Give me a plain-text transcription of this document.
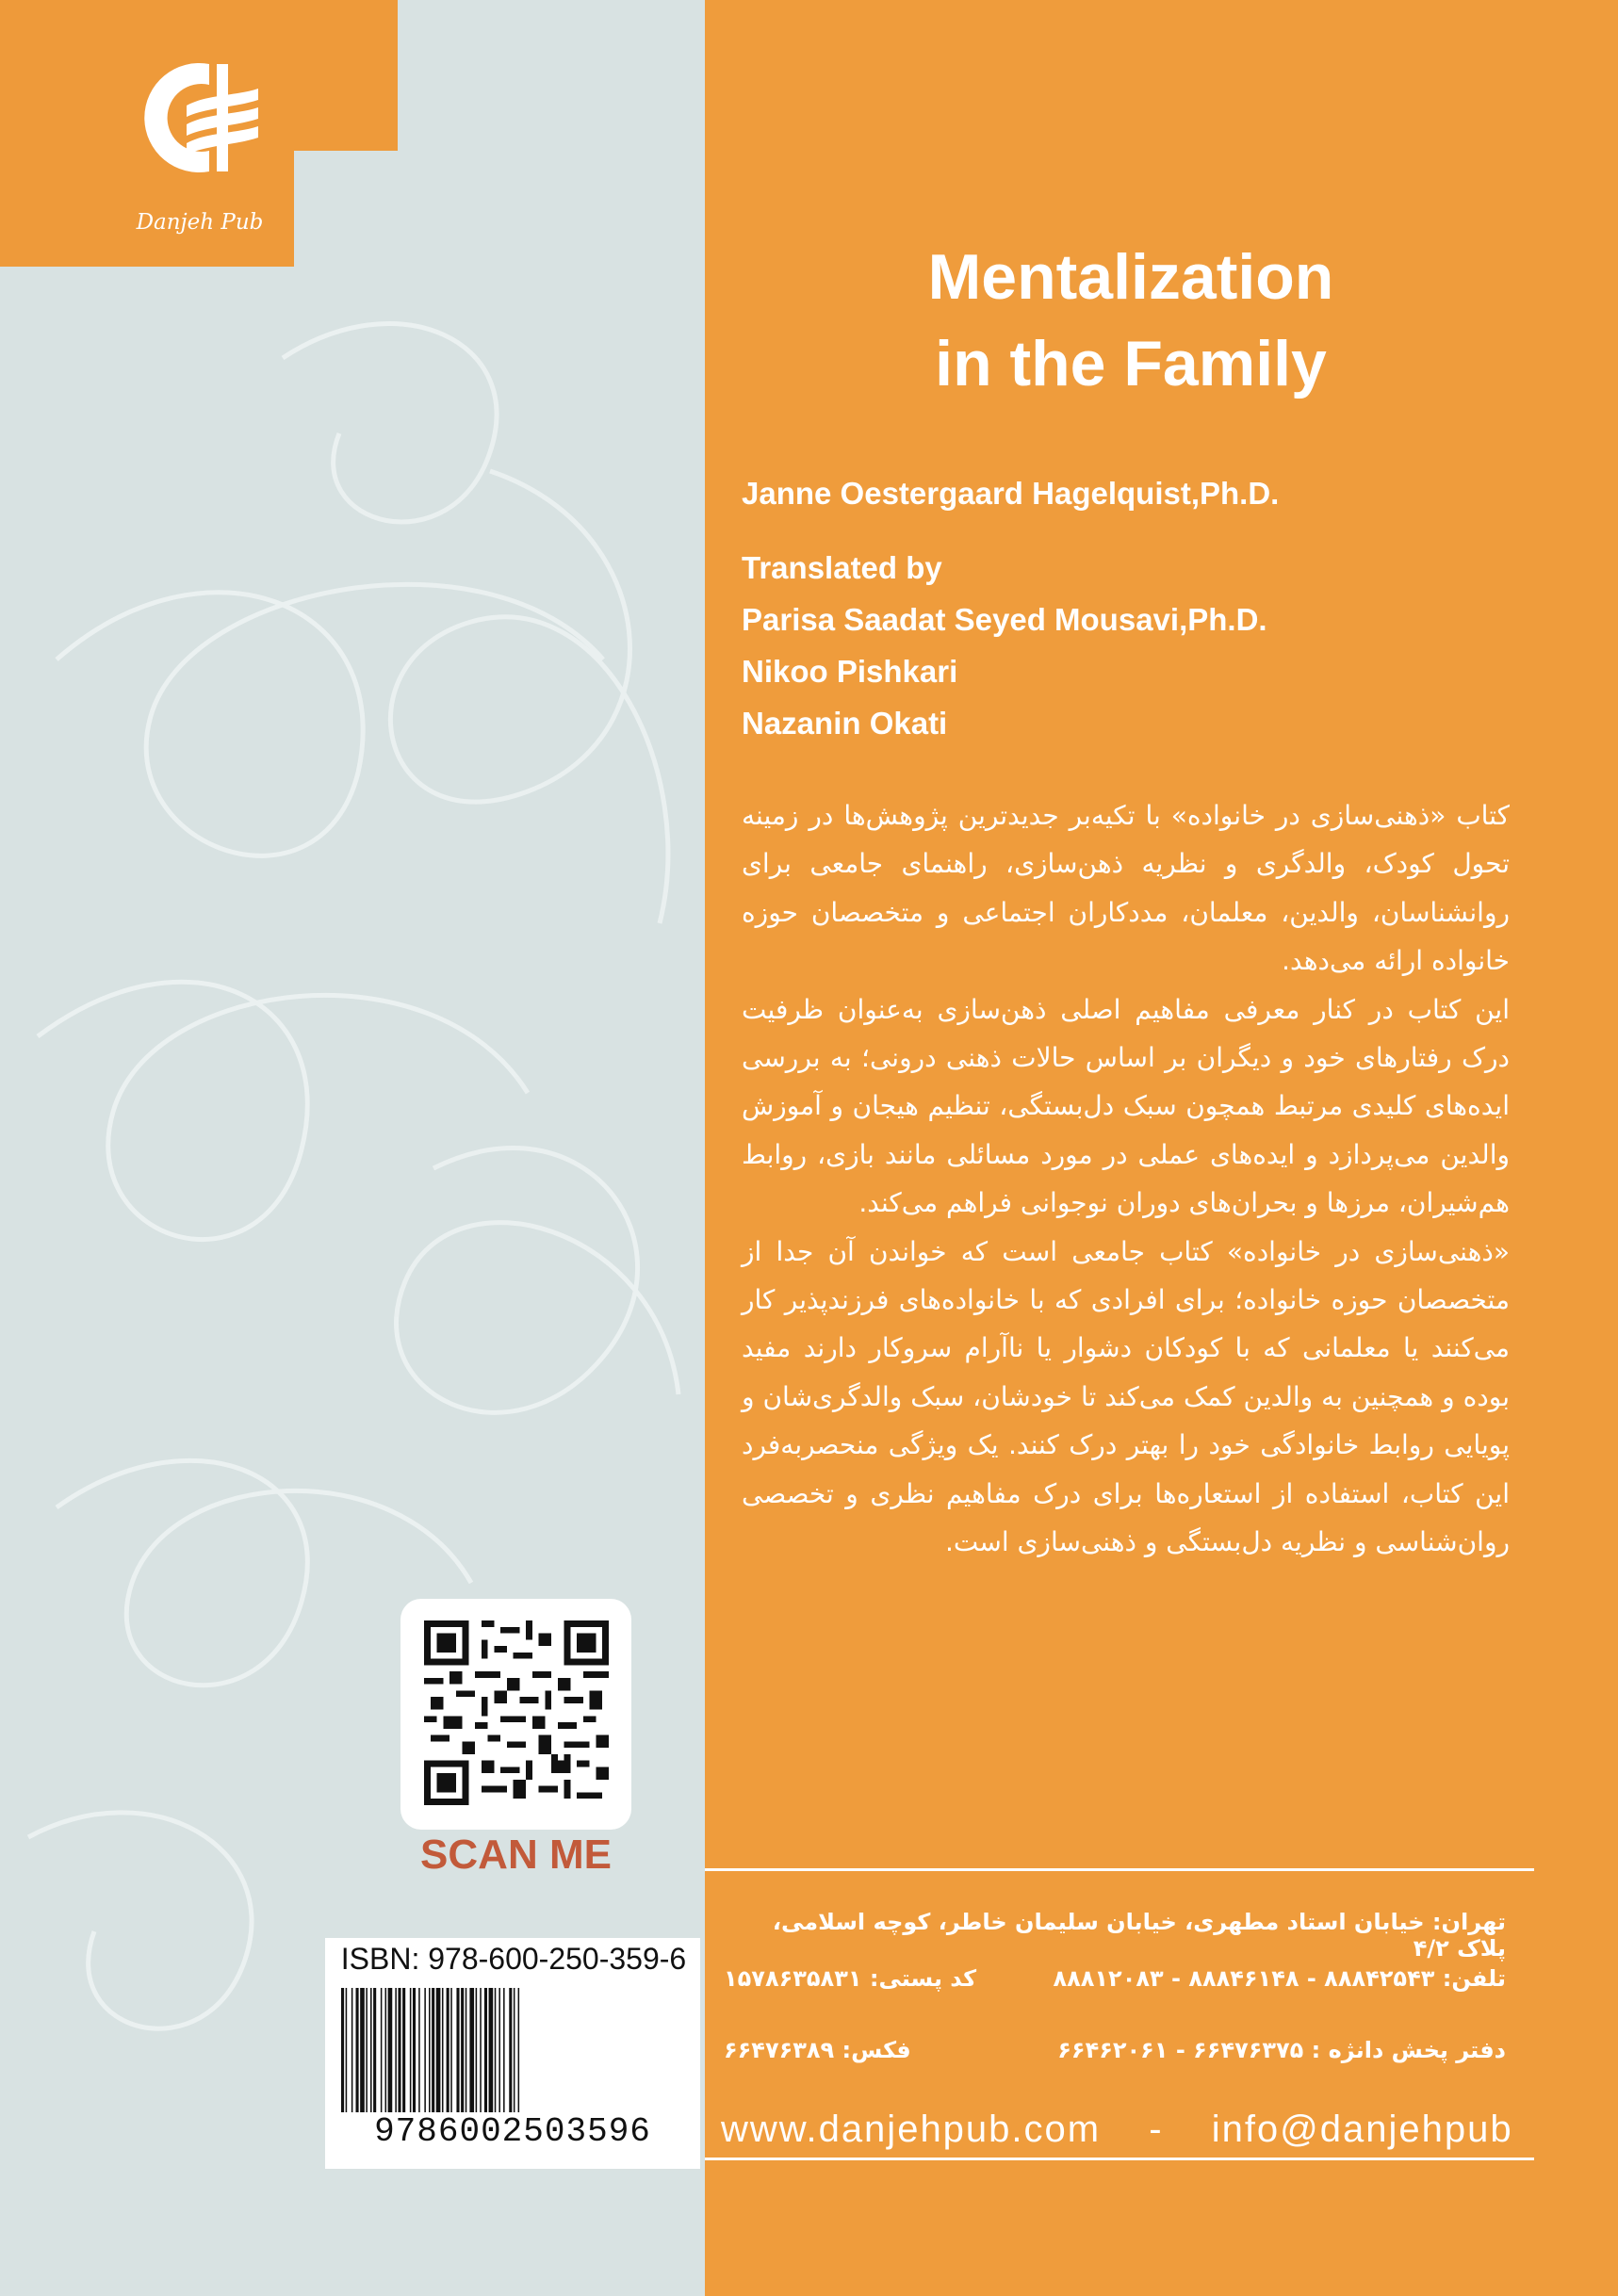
Danjeh Pub
Mentalization
in the Family
Janne Oestergaard Hagelquist,Ph.D.
Translated by
Parisa Saadat Seyed Mousavi,Ph.D.
Nikoo Pishkari
Nazanin Okati

کتاب «ذهنی‌سازی در خانواده» با تکیه‌بر جدیدترین پژوهش‌ها در زمینه تحول کودک، والدگری و نظریه ذهن‌سازی، راهنمای جامعی برای روانشناسان، والدین، معلمان، مددکاران اجتماعی و متخصصان حوزه خانواده ارائه می‌دهد.

این کتاب در کنار معرفی مفاهیم اصلی ذهن‌سازی به‌عنوان ظرفیت درک رفتارهای خود و دیگران بر اساس حالات ذهنی درونی؛ به بررسی ایده‌های کلیدی مرتبط همچون سبک دل‌بستگی، تنظیم هیجان و آموزش والدین می‌پردازد و ایده‌های عملی در مورد مسائلی مانند بازی، روابط هم‌شیران، مرزها و بحران‌های دوران نوجوانی فراهم می‌کند.

«ذهنی‌سازی در خانواده» کتاب جامعی است که خواندن آن جدا از متخصصان حوزه خانواده؛ برای افرادی که با خانواده‌های فرزندپذیر کار می‌کنند یا معلمانی که با کودکان دشوار یا ناآرام سروکار دارند مفید بوده و همچنین به والدین کمک می‌کند تا خودشان، سبک والدگری‌شان و پویایی روابط خانوادگی خود را بهتر درک کنند. یک ویژگی منحصربه‌فرد این کتاب، استفاده از استعاره‌ها برای درک مفاهیم نظری و تخصصی روان‌شناسی و نظریه دل‌بستگی و ذهنی‌سازی است.

تهران: خیابان استاد مطهری، خیابان سلیمان خاطر، کوچه اسلامی، پلاک ۴/۲
تلفن: ۸۸۸۴۲۵۴۳ - ۸۸۸۴۶۱۴۸ - ۸۸۸۱۲۰۸۳
کد پستی: ۱۵۷۸۶۳۵۸۳۱
دفتر پخش دانژه : ۶۶۴۷۶۳۷۵ - ۶۶۴۶۲۰۶۱
فکس: ۶۶۴۷۶۳۸۹
www.danjehpub.com - info@danjehpub
SCAN ME
ISBN: 978-600-250-359-6
9786002503596
